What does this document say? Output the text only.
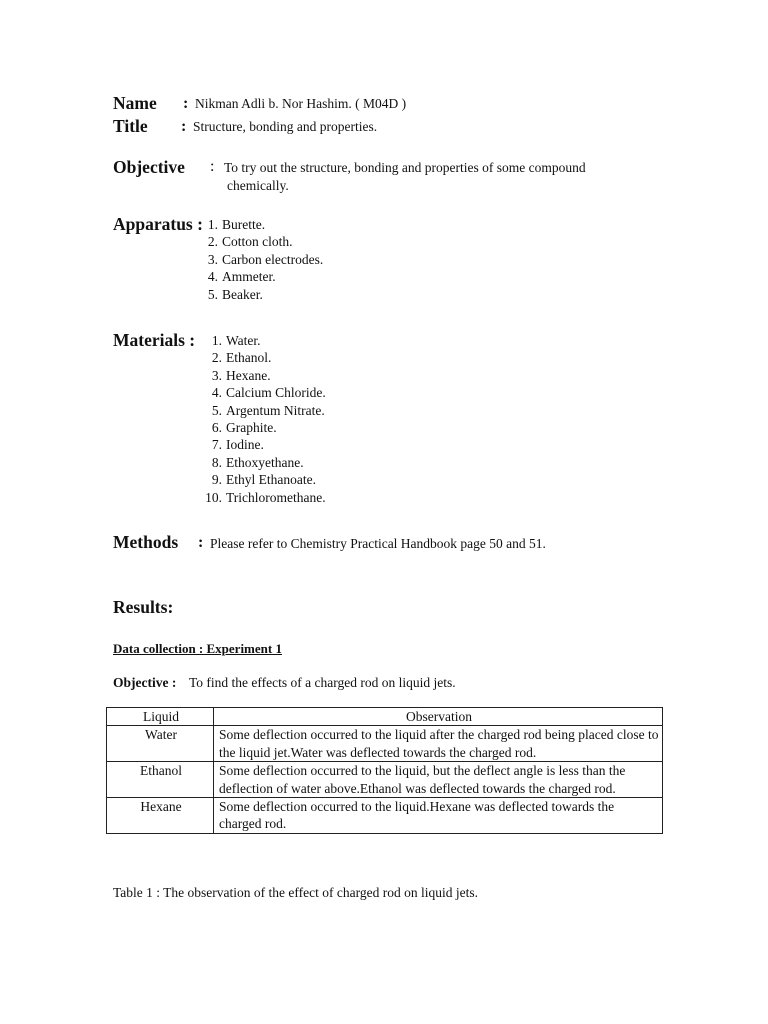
Name : Nikman Adli b. Nor Hashim. ( M04D )
Title : Structure, bonding and properties.
Objective : To try out the structure, bonding and properties of some compound
chemically.
Apparatus : 1. Burette.
2. Cotton cloth.
3. Carbon electrodes.
4. Ammeter.
5. Beaker.
Materials :	1. Water.
2. Ethanol.
3. Hexane.
4. Calcium Chloride.
5. Argentum Nitrate.
6. Graphite.
7. Iodine.
8. Ethoxyethane.
9. Ethyl Ethanoate.
10. Trichloromethane.
Methods : Please refer to Chemistry Practical Handbook page 50 and 51.
Results:
Data collection : Experiment 1
Objective : To find the effects of a charged rod on liquid jets.
Liquid	Observation
Water	Some deflection occurred to the liquid after the charged rod being placed close to the liquid jet.Water was deflected towards the charged rod.
Ethanol	Some deflection occurred to the liquid, but the deflect angle is less than the deflection of water above.Ethanol was deflected towards the charged rod.
Hexane	Some deflection occurred to the liquid.Hexane was deflected towards the charged rod.
Table 1 : The observation of the effect of charged rod on liquid jets.
